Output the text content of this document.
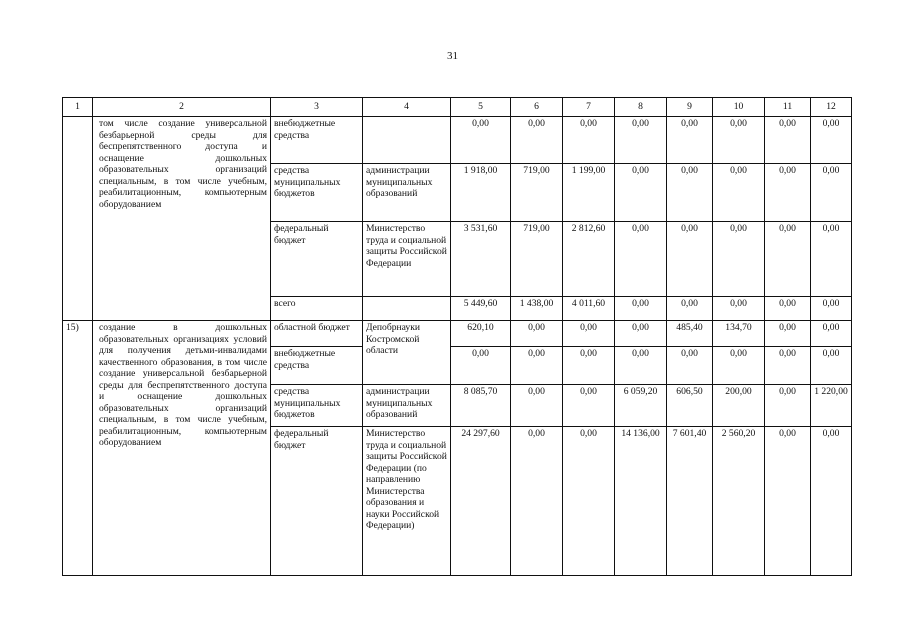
31
1	2	3	4	5	6	7	8	9	10	11	12
	том числе создание универсальной безбарьерной среды для беспрепятственного доступа и оснащение дошкольных образовательных организаций специальным, в том числе учебным, реабилитационным, компьютерным оборудованием	внебюджетные средства		0,00	0,00	0,00	0,00	0,00	0,00	0,00	0,00
		средства муниципальных бюджетов	администрации муниципальных образований	1 918,00	719,00	1 199,00	0,00	0,00	0,00	0,00	0,00
		федеральный бюджет	Министерство труда и социальной защиты Российской Федерации	3 531,60	719,00	2 812,60	0,00	0,00	0,00	0,00	0,00
		всего		5 449,60	1 438,00	4 011,60	0,00	0,00	0,00	0,00	0,00
15)	создание в дошкольных образовательных организациях условий для получения детьми-инвалидами качественного образования, в том числе создание универсальной безбарьерной среды для беспрепятственного доступа и оснащение дошкольных образовательных организаций специальным, в том числе учебным, реабилитационным, компьютерным оборудованием	областной бюджет	Депобрнауки Костромской области	620,10	0,00	0,00	0,00	485,40	134,70	0,00	0,00
		внебюджетные средства		0,00	0,00	0,00	0,00	0,00	0,00	0,00	0,00
		средства муниципальных бюджетов	администрации муниципальных образований	8 085,70	0,00	0,00	6 059,20	606,50	200,00	0,00	1 220,00
		федеральный бюджет	Министерство труда и социальной защиты Российской Федерации (по направлению Министерства образования и науки Российской Федерации)	24 297,60	0,00	0,00	14 136,00	7 601,40	2 560,20	0,00	0,00
